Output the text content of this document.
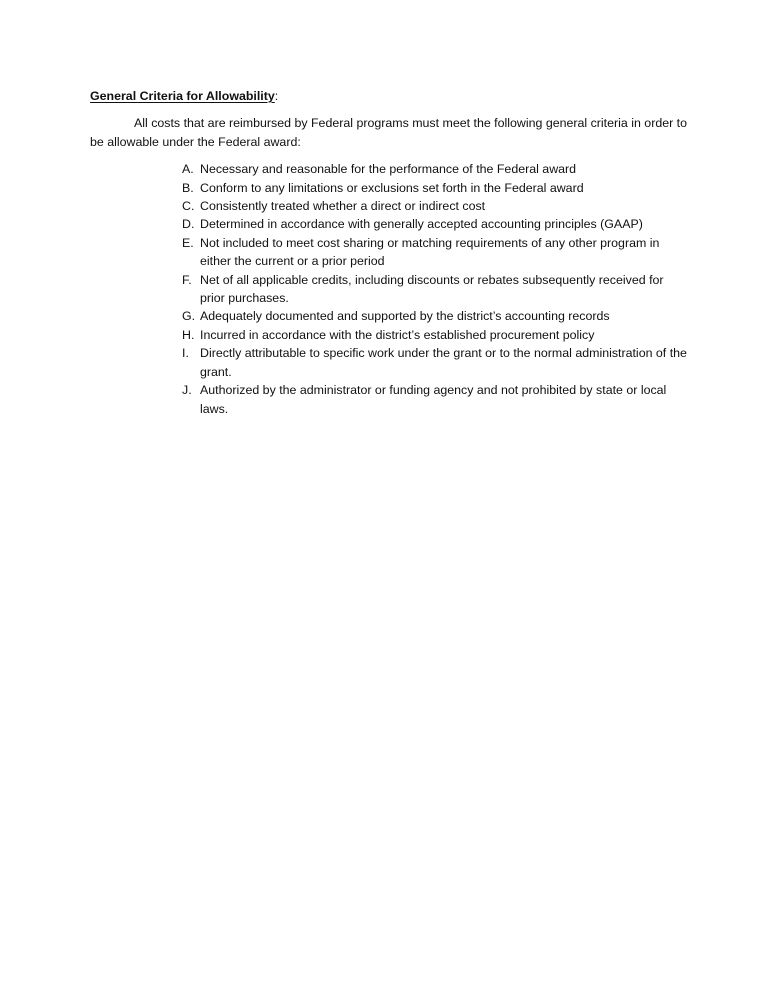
General Criteria for Allowability:

All costs that are reimbursed by Federal programs must meet the following general criteria in order to be allowable under the Federal award:

A. Necessary and reasonable for the performance of the Federal award
B. Conform to any limitations or exclusions set forth in the Federal award
C. Consistently treated whether a direct or indirect cost
D. Determined in accordance with generally accepted accounting principles (GAAP)
E. Not included to meet cost sharing or matching requirements of any other program in either the current or a prior period
F. Net of all applicable credits, including discounts or rebates subsequently received for prior purchases.
G. Adequately documented and supported by the district’s accounting records
H. Incurred in accordance with the district’s established procurement policy
I. Directly attributable to specific work under the grant or to the normal administration of the grant.
J. Authorized by the administrator or funding agency and not prohibited by state or local laws.
